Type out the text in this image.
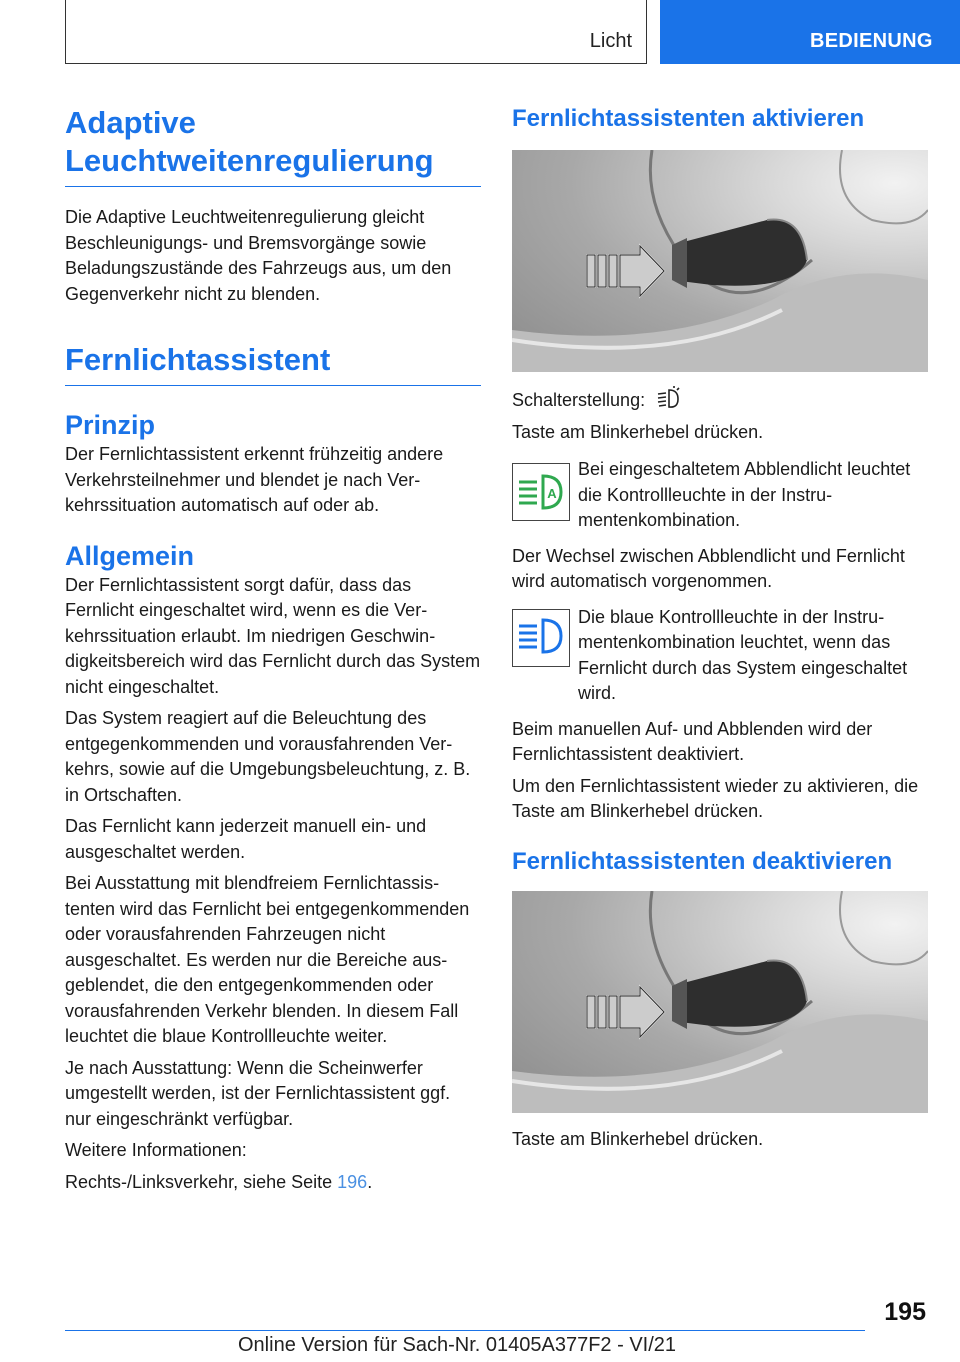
Licht	BEDIENUNG
Adaptive Leuchtweitenregulierung

Die Adaptive Leuchtweitenregulierung gleicht Beschleunigungs- und Bremsvorgänge sowie Beladungszustände des Fahrzeugs aus, um den Gegenverkehr nicht zu blenden.

Fernlichtassistent
Prinzip

Der Fernlichtassistent erkennt frühzeitig andere Verkehrsteilnehmer und blendet je nach Verkehrssituation automatisch auf oder ab.

Allgemein

Der Fernlichtassistent sorgt dafür, dass das Fernlicht eingeschaltet wird, wenn es die Verkehrssituation erlaubt. Im niedrigen Geschwindigkeitsbereich wird das Fernlicht durch das System nicht eingeschaltet.

Das System reagiert auf die Beleuchtung des entgegenkommenden und vorausfahrenden Verkehrs, sowie auf die Umgebungsbeleuchtung, z. B. in Ortschaften.

Das Fernlicht kann jederzeit manuell ein- und ausgeschaltet werden.

Bei Ausstattung mit blendfreiem Fernlichtassistenten wird das Fernlicht bei entgegenkommenden oder vorausfahrenden Fahrzeugen nicht ausgeschaltet. Es werden nur die Bereiche ausgeblendet, die den entgegenkommenden oder vorausfahrenden Verkehr blenden. In diesem Fall leuchtet die blaue Kontrollleuchte weiter.

Je nach Ausstattung: Wenn die Scheinwerfer umgestellt werden, ist der Fernlichtassistent ggf. nur eingeschränkt verfügbar.

Weitere Informationen:

Rechts-/Linksverkehr, siehe Seite 196.

Fernlichtassistenten aktivieren

Schalterstellung:

Taste am Blinkerhebel drücken.

A

Bei eingeschaltetem Abblendlicht leuchtet die Kontrollleuchte in der Instrumentenkombination.

Der Wechsel zwischen Abblendlicht und Fernlicht wird automatisch vorgenommen.

Die blaue Kontrollleuchte in der Instrumentenkombination leuchtet, wenn das Fernlicht durch das System eingeschaltet wird.

Beim manuellen Auf- und Abblenden wird der Fernlichtassistent deaktiviert.

Um den Fernlichtassistent wieder zu aktivieren, die Taste am Blinkerhebel drücken.

Fernlichtassistenten deaktivieren

Taste am Blinkerhebel drücken.

195
Online Version für Sach-Nr. 01405A377F2 - VI/21
